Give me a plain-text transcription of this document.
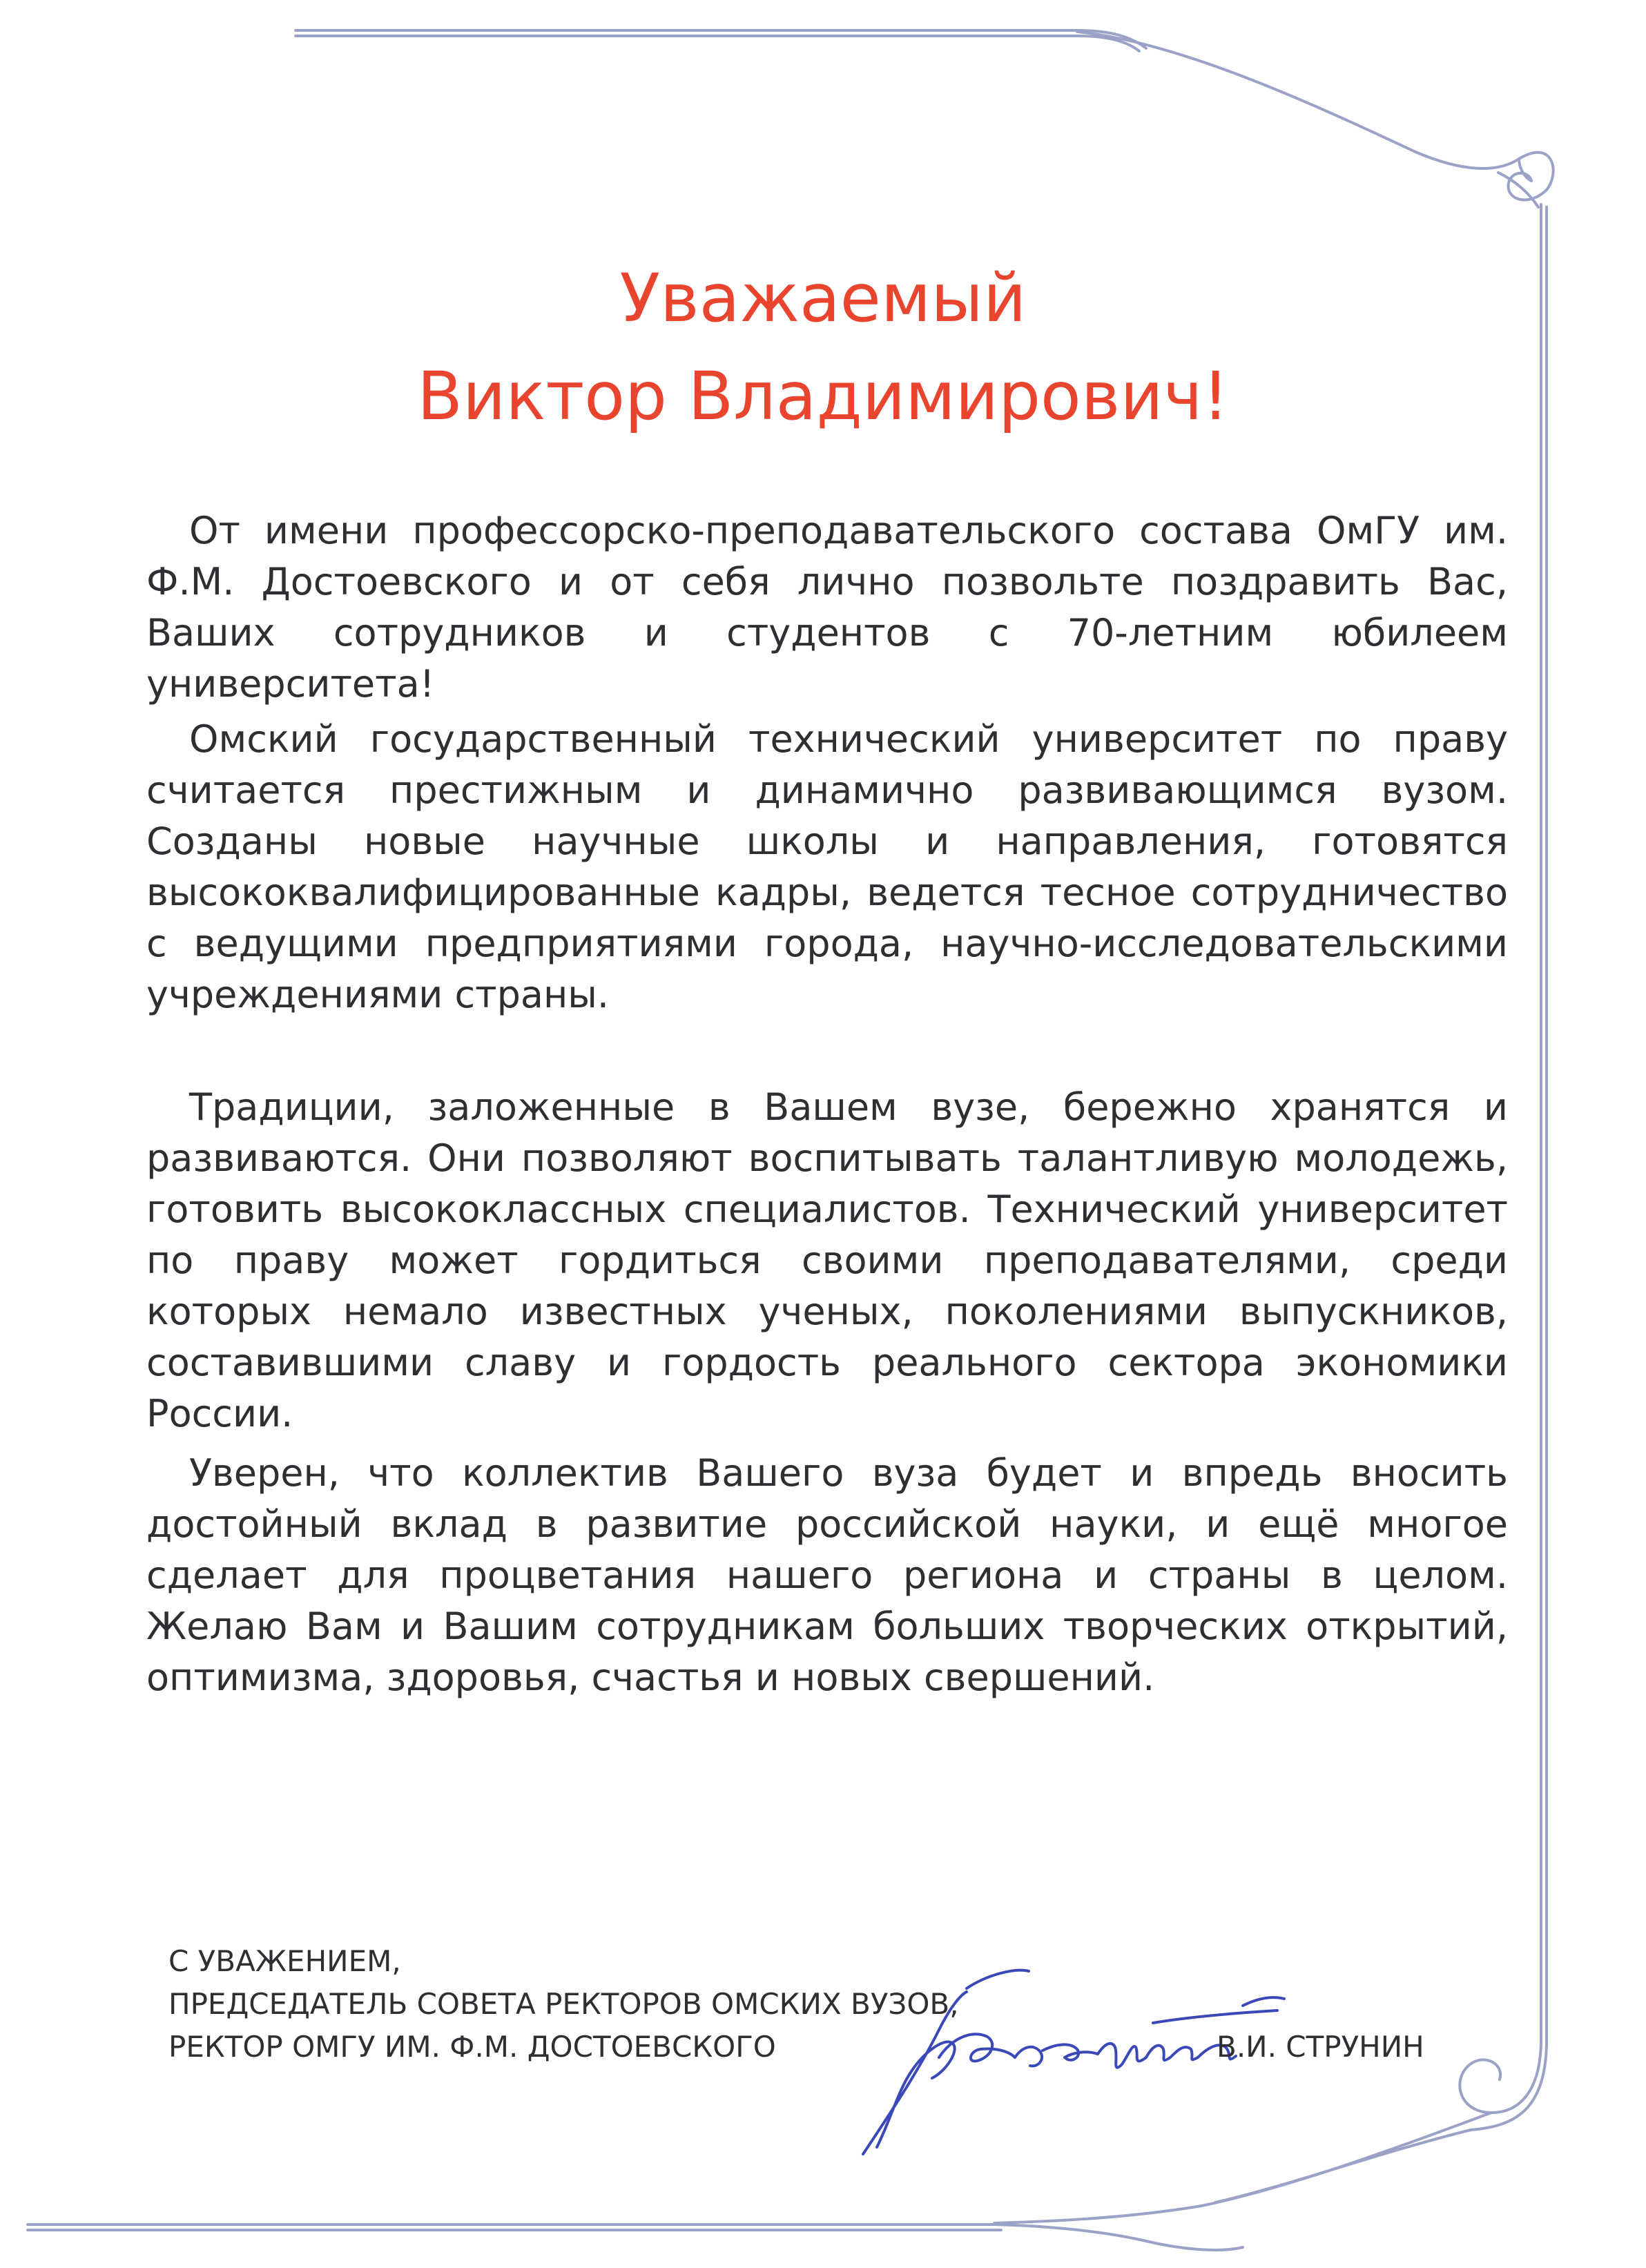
Уважаемый
Виктор Владимирович!

От имени профессорско-преподавательского состава ОмГУ им. Ф.М. Достоевского и от себя лично позвольте поздравить Вас, Ваших сотрудников и студентов с 70-летним юбилеем университета!

Омский государственный технический университет по праву считается престижным и динамично развивающимся вузом. Созданы новые научные школы и направления, готовятся высококвалифицированные кадры, ведется тесное сотрудничество с ведущими предприятиями города, научно-исследовательскими учреждениями страны.

Традиции, заложенные в Вашем вузе, бережно хранятся и развиваются. Они позволяют воспитывать талантливую молодежь, готовить высококлассных специалистов. Технический университет по праву может гордиться своими преподавателями, среди которых немало известных ученых, поколениями выпускников, составившими славу и гордость реального сектора экономики России.

Уверен, что коллектив Вашего вуза будет и впредь вносить достойный вклад в развитие российской науки, и ещё многое сделает для процветания нашего региона и страны в целом. Желаю Вам и Вашим сотрудникам больших творческих открытий, оптимизма, здоровья, счастья и новых свершений.

С УВАЖЕНИЕМ,
ПРЕДСЕДАТЕЛЬ СОВЕТА РЕКТОРОВ ОМСКИХ ВУЗОВ,
РЕКТОР ОМГУ ИМ. Ф.М. ДОСТОЕВСКОГО	В.И. СТРУНИН
